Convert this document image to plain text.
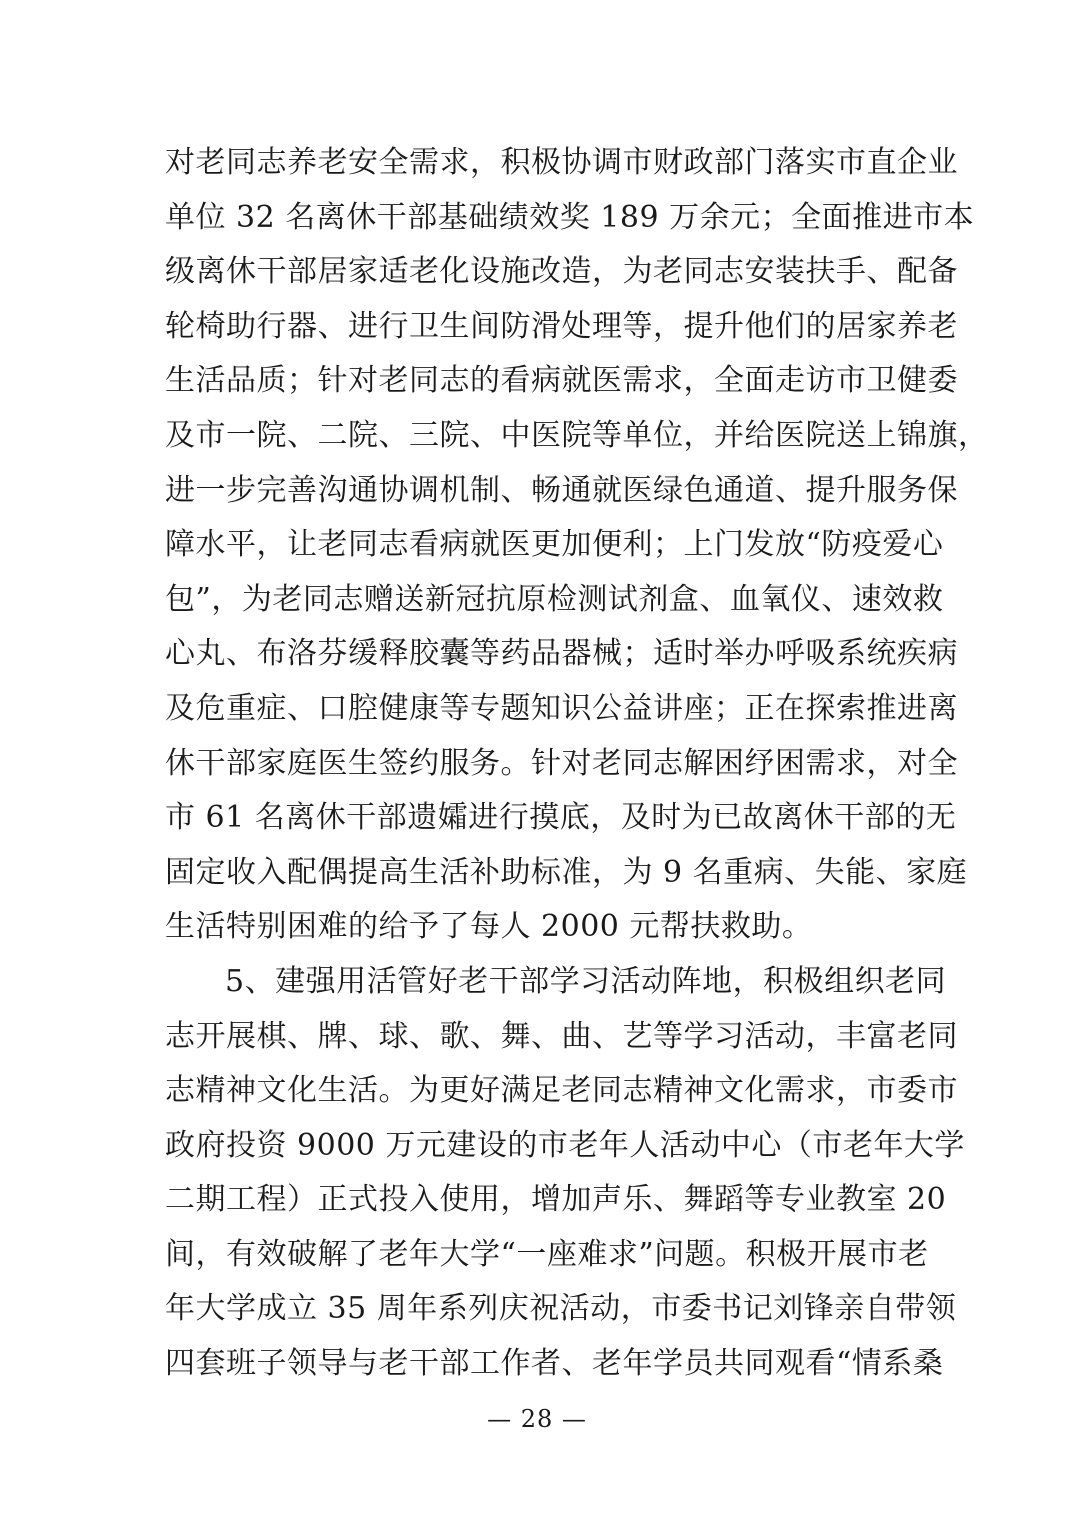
对老同志养老安全需求，积极协调市财政部门落实市直企业
单位 32 名离休干部基础绩效奖 189 万余元；全面推进市本
级离休干部居家适老化设施改造，为老同志安装扶手、配备
轮椅助行器、进行卫生间防滑处理等，提升他们的居家养老
生活品质；针对老同志的看病就医需求，全面走访市卫健委
及市一院、二院、三院、中医院等单位，并给医院送上锦旗，
进一步完善沟通协调机制、畅通就医绿色通道、提升服务保
障水平，让老同志看病就医更加便利；上门发放“防疫爱心
包”，为老同志赠送新冠抗原检测试剂盒、血氧仪、速效救
心丸、布洛芬缓释胶囊等药品器械；适时举办呼吸系统疾病
及危重症、口腔健康等专题知识公益讲座；正在探索推进离
休干部家庭医生签约服务。针对老同志解困纾困需求，对全
市 61 名离休干部遗孀进行摸底，及时为已故离休干部的无
固定收入配偶提高生活补助标准，为 9 名重病、失能、家庭
生活特别困难的给予了每人 2000 元帮扶救助。
5、建强用活管好老干部学习活动阵地，积极组织老同
志开展棋、牌、球、歌、舞、曲、艺等学习活动，丰富老同
志精神文化生活。为更好满足老同志精神文化需求，市委市
政府投资 9000 万元建设的市老年人活动中心（市老年大学
二期工程）正式投入使用，增加声乐、舞蹈等专业教室 20
间，有效破解了老年大学“一座难求”问题。积极开展市老
年大学成立 35 周年系列庆祝活动，市委书记刘锋亲自带领
四套班子领导与老干部工作者、老年学员共同观看“情系桑
— 28 —
